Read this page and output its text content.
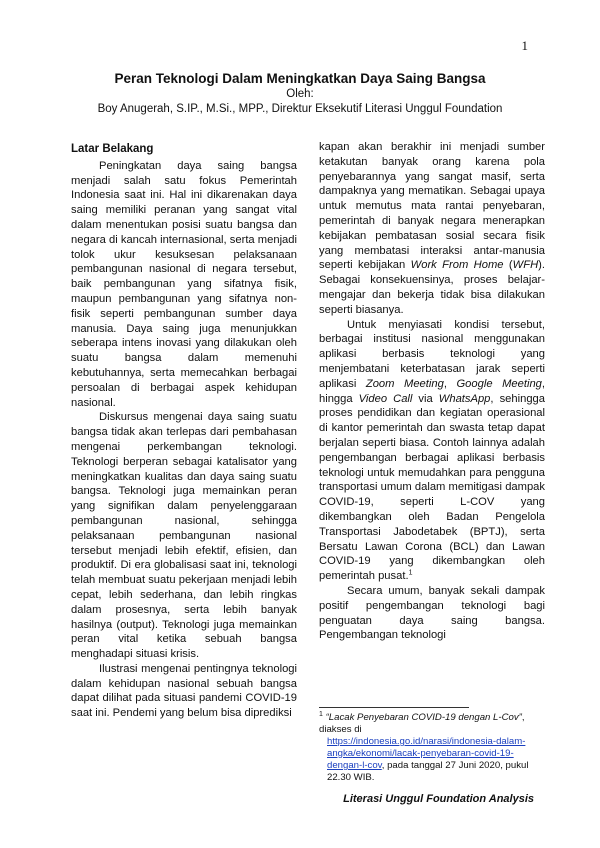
1
Peran Teknologi Dalam Meningkatkan Daya Saing Bangsa
Oleh:
Boy Anugerah, S.IP., M.Si., MPP., Direktur Eksekutif Literasi Unggul Foundation
Latar Belakang

Peningkatan daya saing bangsa menjadi salah satu fokus Pemerintah Indonesia saat ini. Hal ini dikarenakan daya saing memiliki peranan yang sangat vital dalam menentukan posisi suatu bangsa dan negara di kancah internasional, serta menjadi tolok ukur kesuksesan pelaksanaan pembangunan nasional di negara tersebut, baik pembangunan yang sifatnya fisik, maupun pembangunan yang sifatnya non-fisik seperti pembangunan sumber daya manusia. Daya saing juga menunjukkan seberapa intens inovasi yang dilakukan oleh suatu bangsa dalam memenuhi kebutuhannya, serta memecahkan berbagai persoalan di berbagai aspek kehidupan nasional.

Diskursus mengenai daya saing suatu bangsa tidak akan terlepas dari pembahasan mengenai perkembangan teknologi. Teknologi berperan sebagai katalisator yang meningkatkan kualitas dan daya saing suatu bangsa. Teknologi juga memainkan peran yang signifikan dalam penyelenggaraan pembangunan nasional, sehingga pelaksanaan pembangunan nasional tersebut menjadi lebih efektif, efisien, dan produktif. Di era globalisasi saat ini, teknologi telah membuat suatu pekerjaan menjadi lebih cepat, lebih sederhana, dan lebih ringkas dalam prosesnya, serta lebih banyak hasilnya (output). Teknologi juga memainkan peran vital ketika sebuah bangsa menghadapi situasi krisis.

Ilustrasi mengenai pentingnya teknologi dalam kehidupan nasional sebuah bangsa dapat dilihat pada situasi pandemi COVID-19 saat ini. Pendemi yang belum bisa diprediksi

kapan akan berakhir ini menjadi sumber ketakutan banyak orang karena pola penyebarannya yang sangat masif, serta dampaknya yang mematikan. Sebagai upaya untuk memutus mata rantai penyebaran, pemerintah di banyak negara menerapkan kebijakan pembatasan sosial secara fisik yang membatasi interaksi antar-manusia seperti kebijakan Work From Home (WFH). Sebagai konsekuensinya, proses belajar-mengajar dan bekerja tidak bisa dilakukan seperti biasanya.

Untuk menyiasati kondisi tersebut, berbagai institusi nasional menggunakan aplikasi berbasis teknologi yang menjembatani keterbatasan jarak seperti aplikasi Zoom Meeting, Google Meeting, hingga Video Call via WhatsApp, sehingga proses pendidikan dan kegiatan operasional di kantor pemerintah dan swasta tetap dapat berjalan seperti biasa. Contoh lainnya adalah pengembangan berbagai aplikasi berbasis teknologi untuk memudahkan para pengguna transportasi umum dalam memitigasi dampak COVID-19, seperti L-COV yang dikembangkan oleh Badan Pengelola Transportasi Jabodetabek (BPTJ), serta Bersatu Lawan Corona (BCL) dan Lawan COVID-19 yang dikembangkan oleh pemerintah pusat.$^1$

Secara umum, banyak sekali dampak positif pengembangan teknologi bagi penguatan daya saing bangsa. Pengembangan teknologi

$^1$ “Lacak Penyebaran COVID-19 dengan L-Cov”, diakses di
https://indonesia.go.id/narasi/indonesia-dalam-angka/ekonomi/lacak-penyebaran-covid-19-dengan-l-cov, pada tanggal 27 Juni 2020, pukul 22.30 WIB.
Literasi Unggul Foundation Analysis
